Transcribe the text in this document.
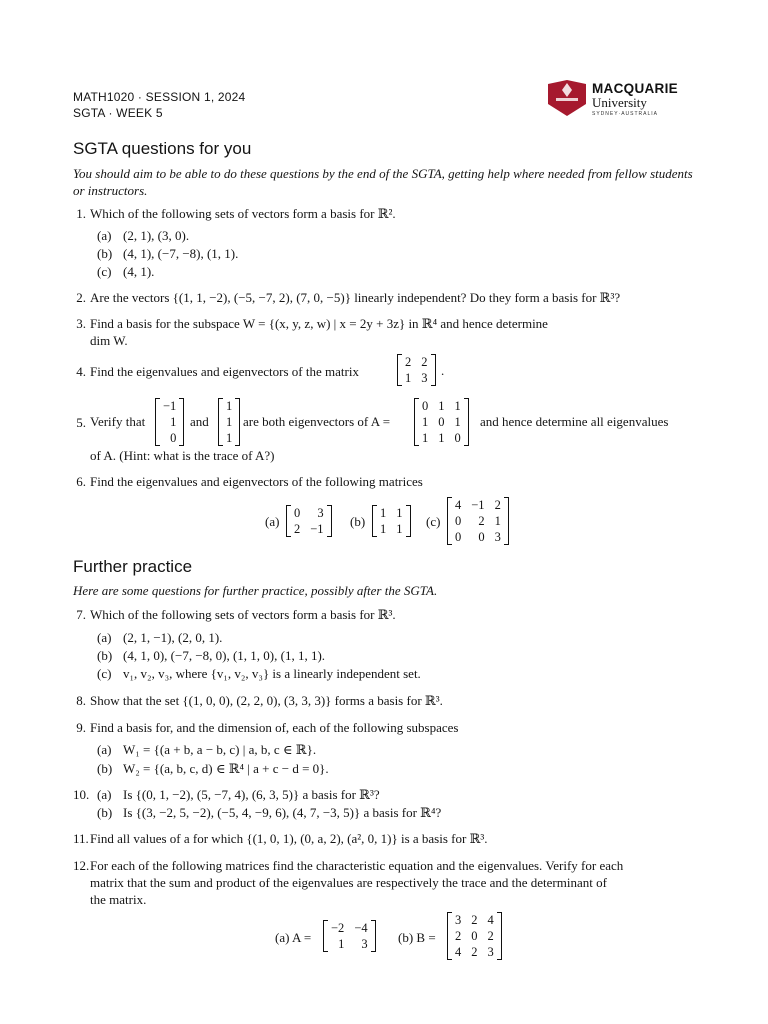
MATH1020 · SESSION 1, 2024
SGTA · WEEK 5
MACQUARIE
University
SYDNEY·AUSTRALIA
SGTA questions for you
You should aim to be able to do these questions by the end of the SGTA, getting help where needed from fellow students or instructors.
1. Which of the following sets of vectors form a basis for ℝ².
(a) (2, 1), (3, 0).
(b) (4, 1), (−7, −8), (1, 1).
(c) (4, 1).
2. Are the vectors {(1, 1, −2), (−5, −7, 2), (7, 0, −5)} linearly independent? Do they form a basis for ℝ³?
3. Find a basis for the subspace W = {(x, y, z, w) | x = 2y + 3z} in ℝ⁴ and hence determine
dim W.
4. Find the eigenvalues and eigenvectors of the matrix
2 2
1 3 .
5. Verify that
−1
1
0
and
1
1
1
are both eigenvectors of A =
0 1 1
1 0 1
1 1 0
and hence determine all eigenvalues
of A. (Hint: what is the trace of A?)
6. Find the eigenvalues and eigenvectors of the following matrices
(a)
0	3
2 −1 (b)
1 1
1 1 (c)
4 −1 2
0	2 1
0	0 3
Further practice
Here are some questions for further practice, possibly after the SGTA.
7. Which of the following sets of vectors form a basis for ℝ³.
(a) (2, 1, −1), (2, 0, 1).
(b) (4, 1, 0), (−7, −8, 0), (1, 1, 0), (1, 1, 1).
(c) v₁, v₂, v₃, where {v₁, v₂, v₃} is a linearly independent set.
8. Show that the set {(1, 0, 0), (2, 2, 0), (3, 3, 3)} forms a basis for ℝ³.
9. Find a basis for, and the dimension of, each of the following subspaces
(a) W₁ = {(a + b, a − b, c) | a, b, c ∈ ℝ}.
(b) W₂ = {(a, b, c, d) ∈ ℝ⁴ | a + c − d = 0}.
10. (a) Is {(0, 1, −2), (5, −7, 4), (6, 3, 5)} a basis for ℝ³?
(b) Is {(3, −2, 5, −2), (−5, 4, −9, 6), (4, 7, −3, 5)} a basis for ℝ⁴?
11. Find all values of a for which {(1, 0, 1), (0, a, 2), (a², 0, 1)} is a basis for ℝ³.
12. For each of the following matrices find the characteristic equation and the eigenvalues. Verify for each
matrix that the sum and product of the eigenvalues are respectively the trace and the determinant of
the matrix.
(a) A =
−2 −4
1	3 (b) B =
3 2 4
2 0 2
4 2 3
